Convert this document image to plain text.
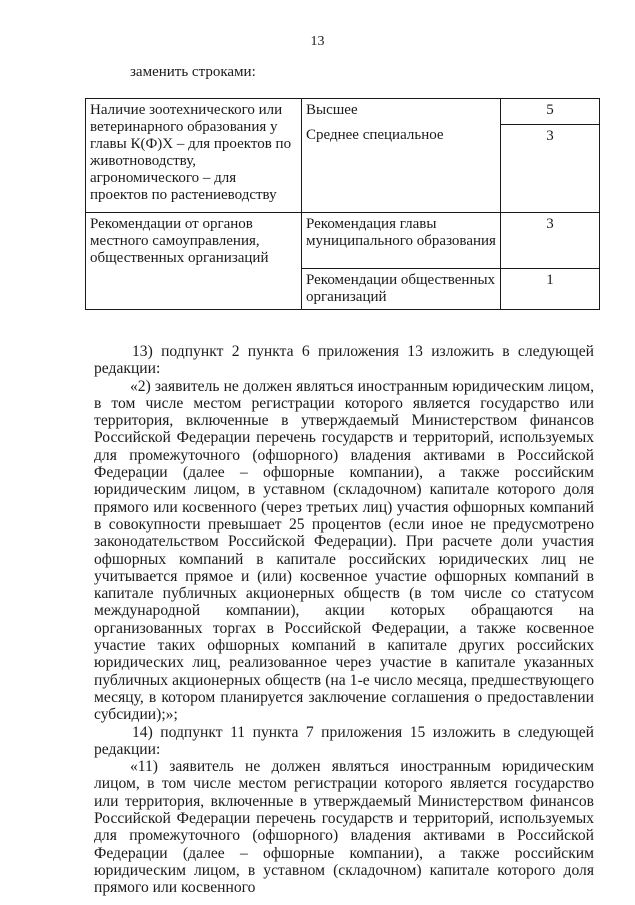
13
заменить строками:
Наличие зоотехнического или ветеринарного образования у главы К(Ф)Х – для проектов по животноводству, агрономического – для проектов по растениеводству	Высшее	5
	Среднее специальное	3
Рекомендации от органов местного самоуправления, общественных организаций	Рекомендация главы муниципального образования	3
	Рекомендации общественных организаций	1

13) подпункт 2 пункта 6 приложения 13 изложить в следующей редакции:

«2) заявитель не должен являться иностранным юридическим лицом, в том числе местом регистрации которого является государство или территория, включенные в утверждаемый Министерством финансов Российской Федерации перечень государств и территорий, используемых для промежуточного (офшорного) владения активами в Российской Федерации (далее – офшорные компании), а также российским юридическим лицом, в уставном (складочном) капитале которого доля прямого или косвенного (через третьих лиц) участия офшорных компаний в совокупности превышает 25 процентов (если иное не предусмотрено законодательством Российской Федерации). При расчете доли участия офшорных компаний в капитале российских юридических лиц не учитывается прямое и (или) косвенное участие офшорных компаний в капитале публичных акционерных обществ (в том числе со статусом международной компании), акции которых обращаются на организованных торгах в Российской Федерации, а также косвенное участие таких офшорных компаний в капитале других российских юридических лиц, реализованное через участие в капитале указанных публичных акционерных обществ (на 1-е число месяца, предшествующего месяцу, в котором планируется заключение соглашения о предоставлении субсидии);»;

14) подпункт 11 пункта 7 приложения 15 изложить в следующей редакции:

«11) заявитель не должен являться иностранным юридическим лицом, в том числе местом регистрации которого является государство или территория, включенные в утверждаемый Министерством финансов Российской Федерации перечень государств и территорий, используемых для промежуточного (офшорного) владения активами в Российской Федерации (далее – офшорные компании), а также российским юридическим лицом, в уставном (складочном) капитале которого доля прямого или косвенного
